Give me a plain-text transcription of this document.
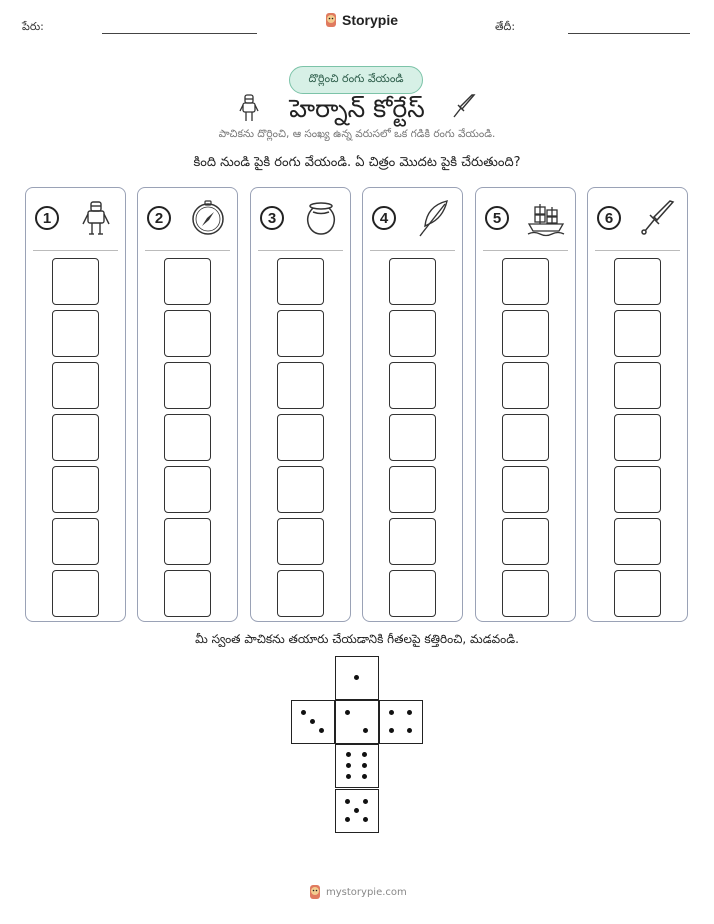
పేరు:	Storypie	తేదీ:
దొర్లించి రంగు వేయండి
హెర్నాన్ కోర్టేస్
పాచికను దొర్లించి, ఆ సంఖ్య ఉన్న వరుసలో ఒక గడికి రంగు వేయండి.
కింది నుండి పైకి రంగు వేయండి. ఏ చిత్రం మొదట పైకి చేరుతుంది?
1	2	3	4	5	6
మీ స్వంత పాచికను తయారు చేయడానికి గీతలపై కత్తిరించి, మడవండి.
mystorypie.com
